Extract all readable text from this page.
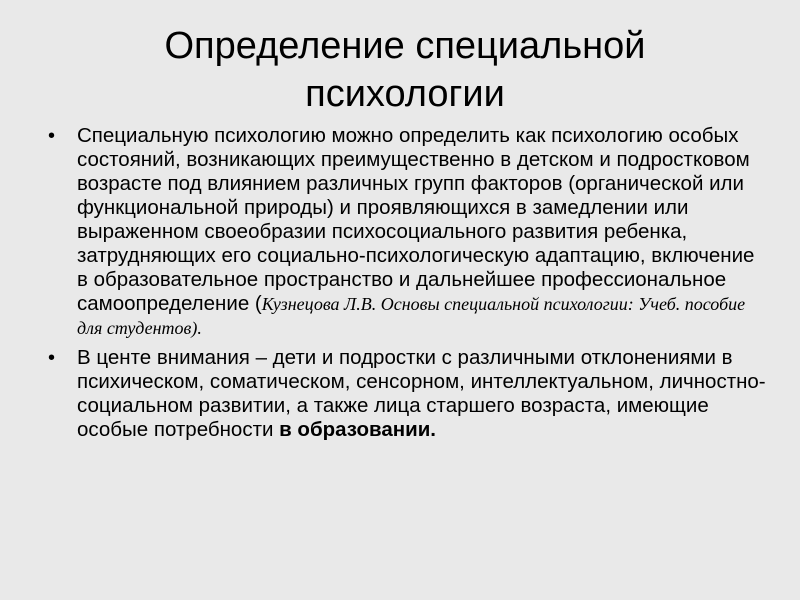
Определение специальной психологии
•	Специальную психологию можно определить как психологию особых состояний, возникающих преимущественно в детском и подростковом возрасте под влиянием различных групп факторов (органической или функциональной природы) и проявляющихся в замедлении или выраженном своеобразии психосоциального развития ребенка, затрудняющих его социально-психологическую адаптацию, включение в образовательное пространство и дальнейшее профессиональное самоопределение (Кузнецова Л.В. Основы специальной психологии: Учеб. пособие для студентов).
•	В центе внимания – дети и подростки с различными отклонениями в психическом, соматическом, сенсорном, интеллектуальном, личностно-социальном развитии, а также лица старшего возраста, имеющие особые потребности в образовании.
